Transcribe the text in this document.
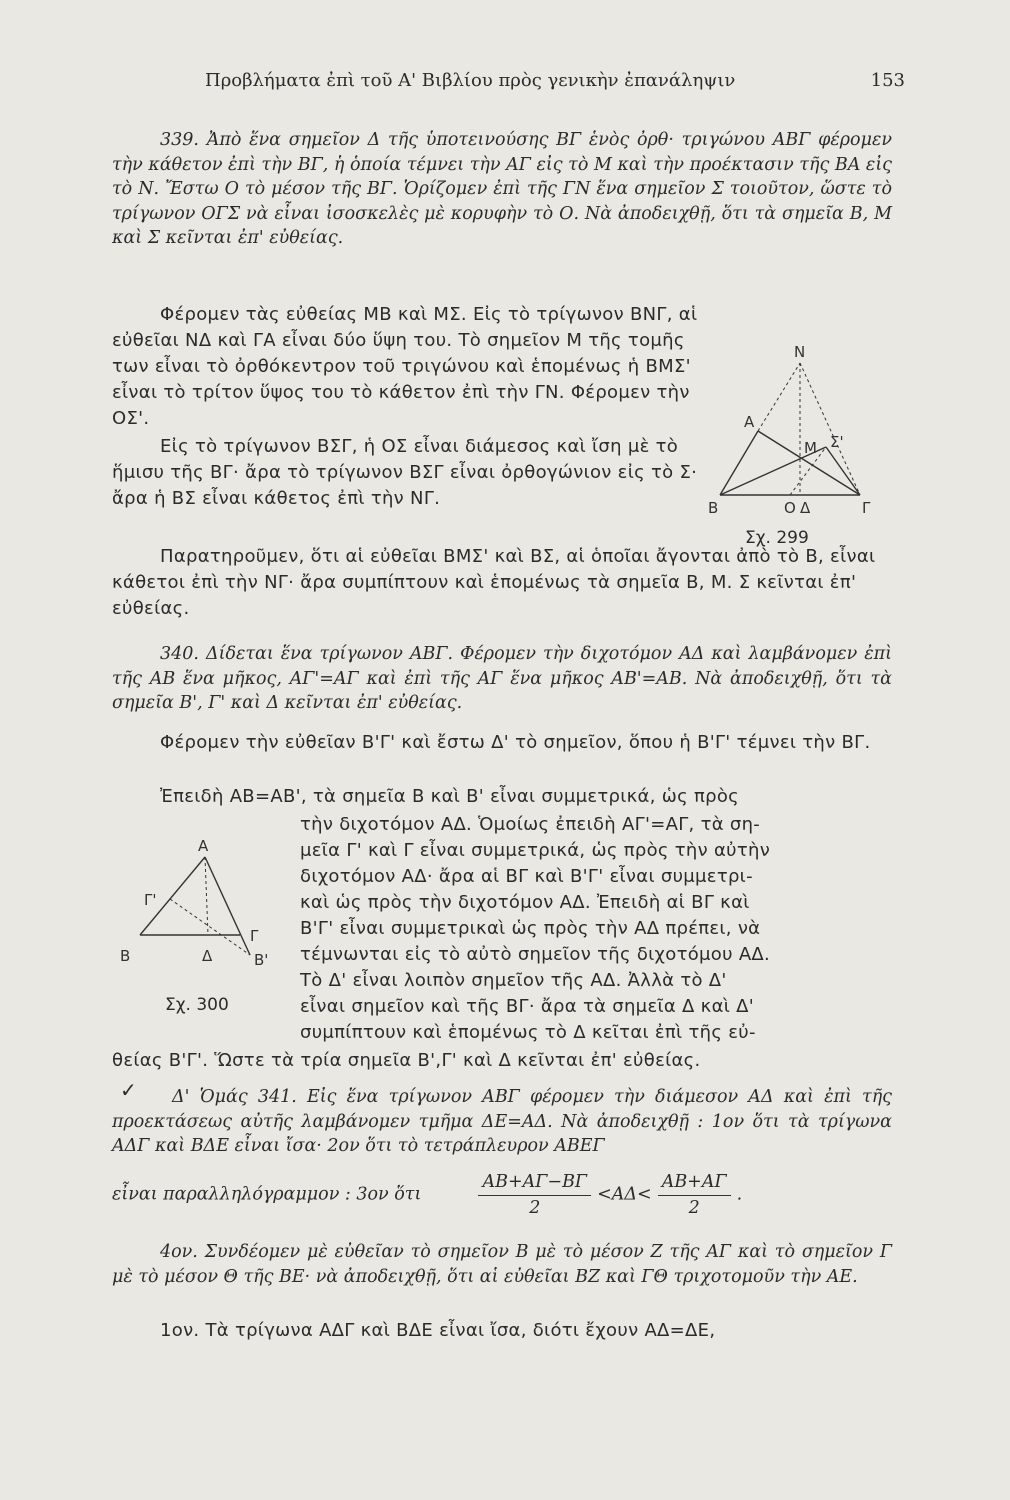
Προβλήματα ἐπὶ τοῦ Α' Βιβλίου πρὸς γενικὴν ἐπανάληψιν	153

339. Ἀπὸ ἕνα σημεῖον Δ τῆς ὑποτεινούσης ΒΓ ἑνὸς ὀρθ· τριγώνου ΑΒΓ φέρομεν τὴν κάθετον ἐπὶ τὴν ΒΓ, ἡ ὁποία τέμνει τὴν ΑΓ εἰς τὸ Μ καὶ τὴν προέκτασιν τῆς ΒΑ εἰς τὸ Ν. Ἔστω Ο τὸ μέσον τῆς ΒΓ. Ὁρίζομεν ἐπὶ τῆς ΓΝ ἕνα σημεῖον Σ τοιοῦτον, ὥστε τὸ τρίγωνον ΟΓΣ νὰ εἶναι ἰσοσκελὲς μὲ κορυφὴν τὸ Ο. Νὰ ἀποδειχθῇ, ὅτι τὰ σημεῖα Β, Μ καὶ Σ κεῖνται ἐπ' εὐθείας.

Φέρομεν τὰς εὐθείας ΜΒ καὶ ΜΣ. Εἰς τὸ τρίγωνον ΒΝΓ, αἱ εὐθεῖαι ΝΔ καὶ ΓΑ εἶναι δύο ὕψη του. Τὸ σημεῖον Μ τῆς τομῆς των εἶναι τὸ ὀρθόκεντρον τοῦ τριγώνου καὶ ἑπομένως ἡ ΒΜΣ' εἶναι τὸ τρίτον ὕψος του τὸ κάθετον ἐπὶ τὴν ΓΝ. Φέρομεν τὴν ΟΣ'.

Εἰς τὸ τρίγωνον ΒΣΓ, ἡ ΟΣ εἶναι διάμεσος καὶ ἴση μὲ τὸ ἥμισυ τῆς ΒΓ· ἄρα τὸ τρίγωνον ΒΣΓ εἶναι ὀρθογώνιον εἰς τὸ Σ· ἄρα ἡ ΒΣ εἶναι κάθετος ἐπὶ τὴν ΝΓ.

Παρατηροῦμεν, ὅτι αἱ εὐθεῖαι ΒΜΣ' καὶ ΒΣ, αἱ ὁποῖαι ἄγονται ἀπὸ τὸ Β, εἶναι κάθετοι ἐπὶ τὴν ΝΓ· ἄρα συμπίπτουν καὶ ἑπομένως τὰ σημεῖα Β, Μ. Σ κεῖνται ἐπ' εὐθείας.

Ν
Α
Μ Σ'
Β	Ο Δ	Γ
Σχ. 299

340. Δίδεται ἕνα τρίγωνον ΑΒΓ. Φέρομεν τὴν διχοτόμον ΑΔ καὶ λαμβάνομεν ἐπὶ τῆς ΑΒ ἕνα μῆκος, ΑΓ'=ΑΓ καὶ ἐπὶ τῆς ΑΓ ἕνα μῆκος ΑΒ'=ΑΒ. Νὰ ἀποδειχθῇ, ὅτι τὰ σημεῖα Β', Γ' καὶ Δ κεῖνται ἐπ' εὐθείας.

Φέρομεν τὴν εὐθεῖαν Β'Γ' καὶ ἔστω Δ' τὸ σημεῖον, ὅπου ἡ Β'Γ' τέμνει τὴν ΒΓ.

Ἐπειδὴ ΑΒ=ΑΒ', τὰ σημεῖα Β καὶ Β' εἶναι συμμετρικά, ὡς πρὸς

τὴν διχοτόμον ΑΔ. Ὁμοίως ἐπειδὴ ΑΓ'=ΑΓ, τὰ ση-
μεῖα Γ' καὶ Γ εἶναι συμμετρικά, ὡς πρὸς τὴν αὐτὴν
διχοτόμον ΑΔ· ἄρα αἱ ΒΓ καὶ Β'Γ' εἶναι συμμετρι-
καὶ ὡς πρὸς τὴν διχοτόμον ΑΔ. Ἐπειδὴ αἱ ΒΓ καὶ
Β'Γ' εἶναι συμμετρικαὶ ὡς πρὸς τὴν ΑΔ πρέπει, νὰ
τέμνωνται εἰς τὸ αὐτὸ σημεῖον τῆς διχοτόμου ΑΔ.
Τὸ Δ' εἶναι λοιπὸν σημεῖον τῆς ΑΔ. Ἀλλὰ τὸ Δ'
εἶναι σημεῖον καὶ τῆς ΒΓ· ἄρα τὰ σημεῖα Δ καὶ Δ'
συμπίπτουν καὶ ἑπομένως τὸ Δ κεῖται ἐπὶ τῆς εὐ-

θείας Β'Γ'. Ὥστε τὰ τρία σημεῖα Β',Γ' καὶ Δ κεῖνται ἐπ' εὐθείας.

Α
Γ'
Β	Δ
Γ
Β'
Σχ. 300
✓	Δ' Ὁμάς 341. Εἰς ἕνα τρίγωνον ΑΒΓ φέρομεν τὴν διάμεσον ΑΔ καὶ ἐπὶ τῆς προεκτάσεως αὐτῆς λαμβάνομεν τμῆμα ΔΕ=ΑΔ. Νὰ ἀποδειχθῇ : 1ον ὅτι τὰ τρίγωνα ΑΔΓ καὶ ΒΔΕ εἶναι ἴσα· 2ον ὅτι τὸ τετράπλευρον ΑΒΕΓ

εἶναι παραλληλόγραμμον : 3ον ὅτι	$\frac{AB+A\Gamma-B\Gamma}{2} <A\Delta< \frac{AB+A\Gamma}{2}$ .

4ον. Συνδέομεν μὲ εὐθεῖαν τὸ σημεῖον Β μὲ τὸ μέσον Ζ τῆς ΑΓ καὶ τὸ σημεῖον Γ μὲ τὸ μέσον Θ τῆς ΒΕ· νὰ ἀποδειχθῇ, ὅτι αἱ εὐθεῖαι ΒΖ καὶ ΓΘ τριχοτομοῦν τὴν ΑΕ.

1ον. Τὰ τρίγωνα ΑΔΓ καὶ ΒΔΕ εἶναι ἴσα, διότι ἔχουν ΑΔ=ΔΕ,
